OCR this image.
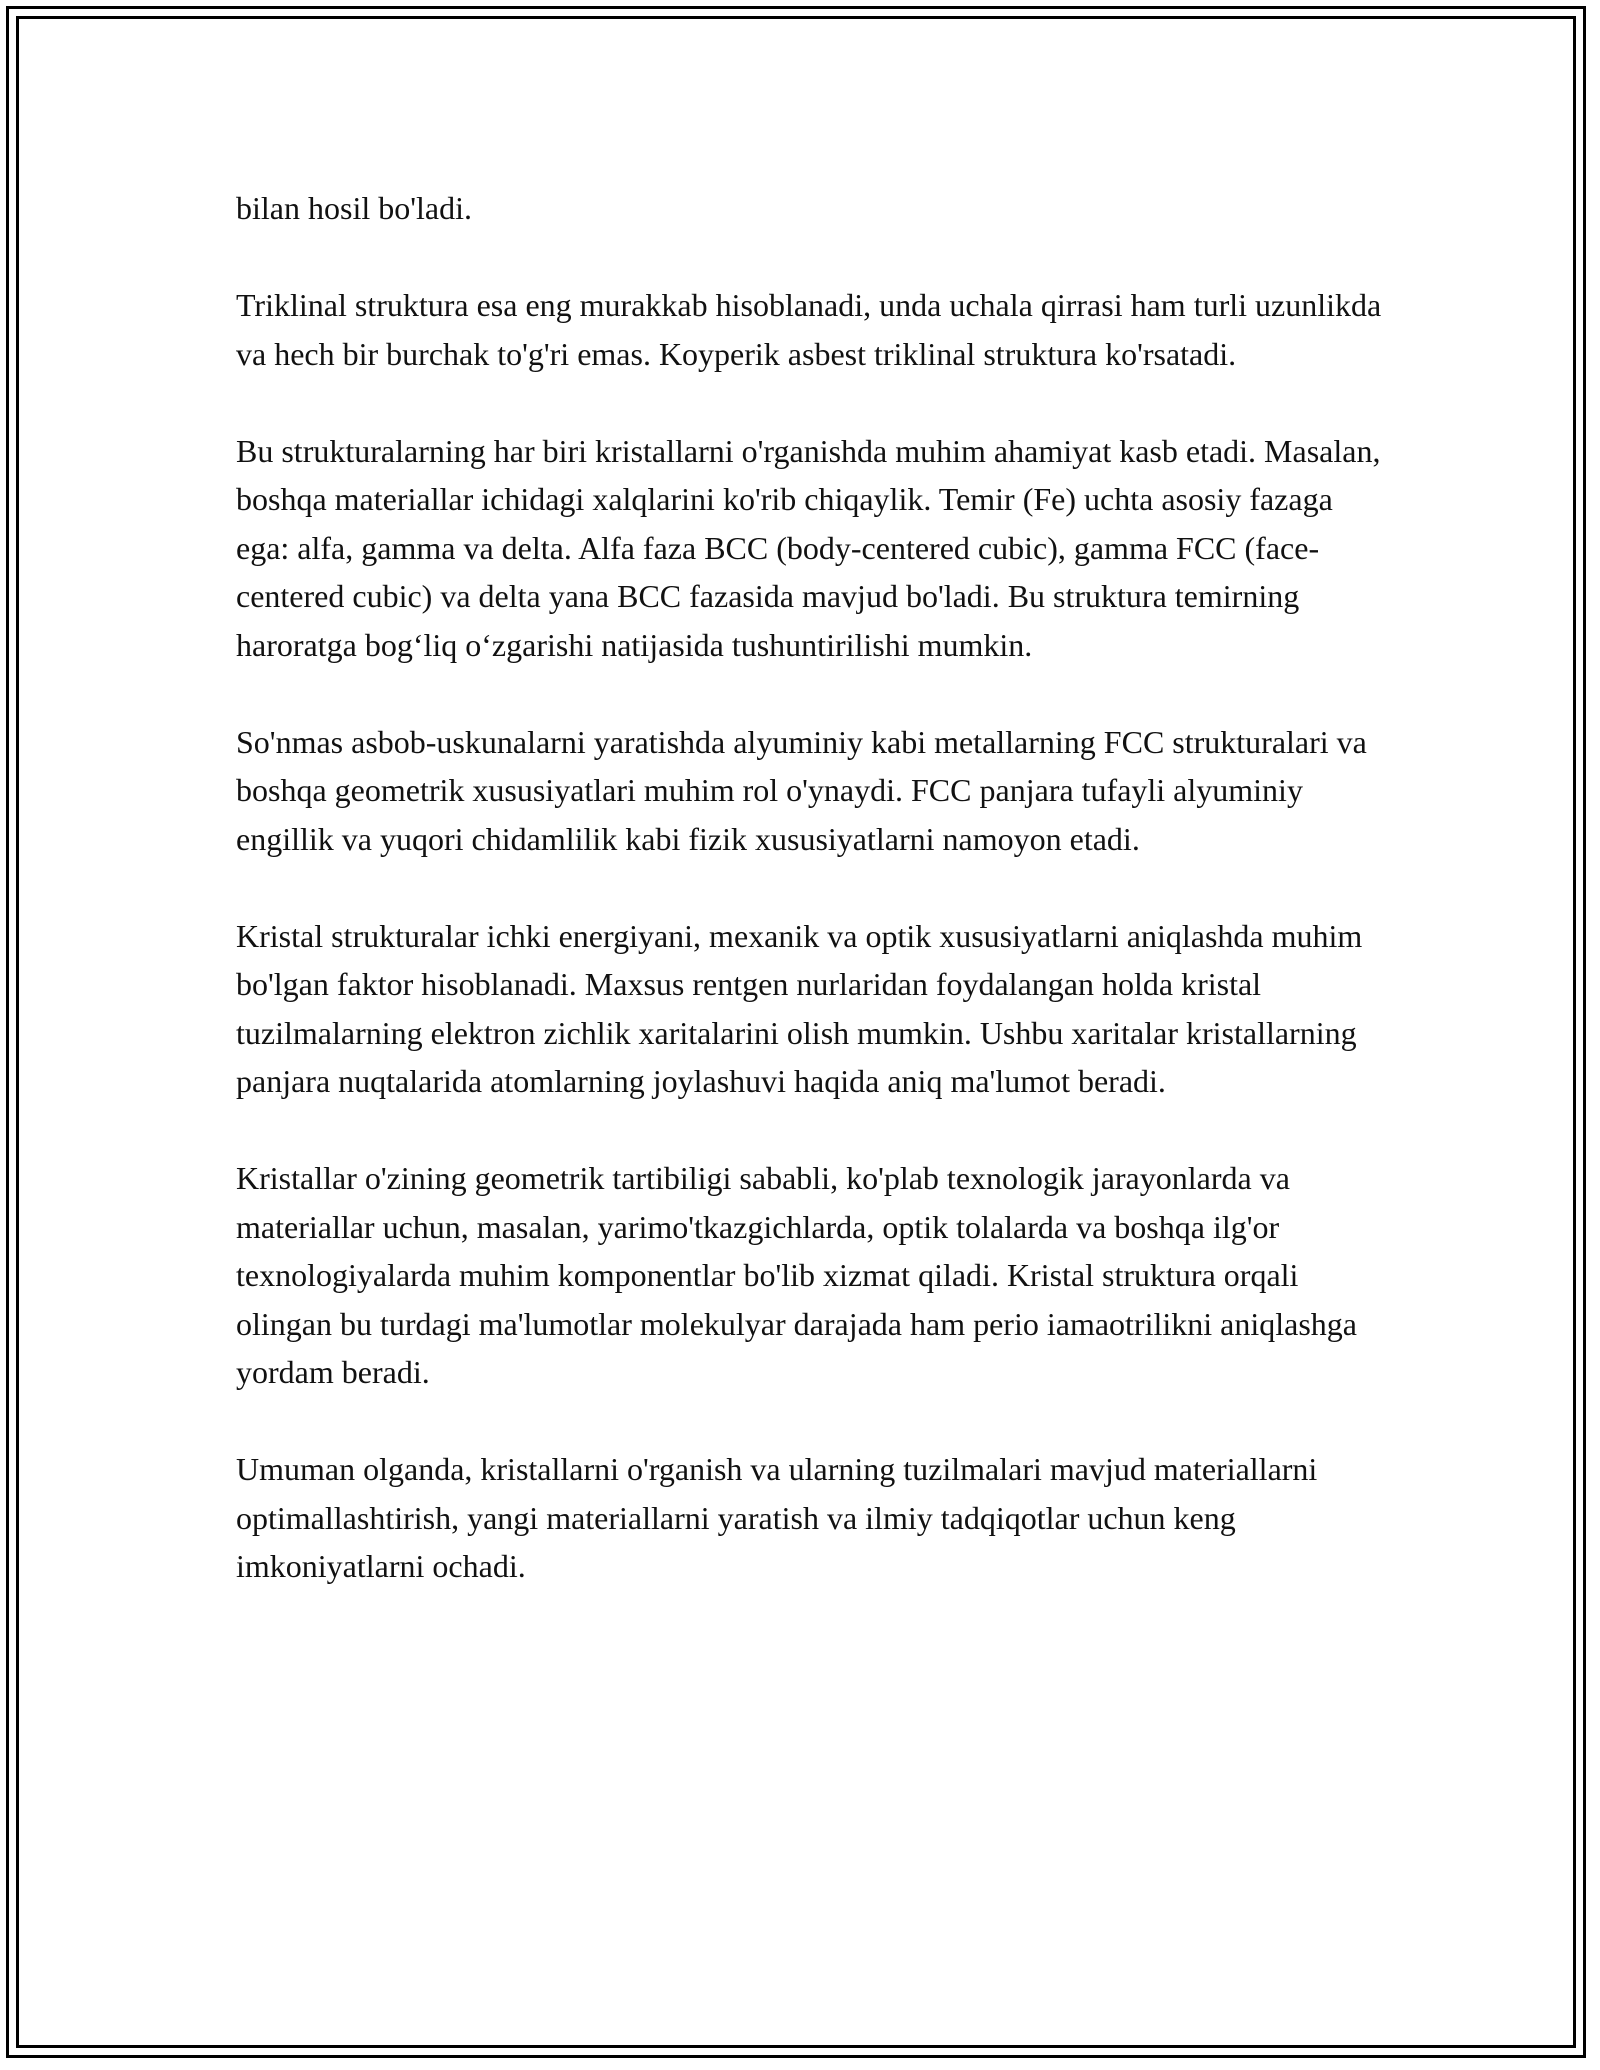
bilan hosil bo'ladi.

Triklinal struktura esa eng murakkab hisoblanadi, unda uchala qirrasi ham turli uzunlikda va hech bir burchak to'g'ri emas. Koyperik asbest triklinal struktura ko'rsatadi.

Bu strukturalarning har biri kristallarni o'rganishda muhim ahamiyat kasb etadi. Masalan, boshqa materiallar ichidagi xalqlarini ko'rib chiqaylik. Temir (Fe) uchta asosiy fazaga ega: alfa, gamma va delta. Alfa faza BCC (body-centered cubic), gamma FCC (face-centered cubic) va delta yana BCC fazasida mavjud bo'ladi. Bu struktura temirning haroratga bog‘liq o‘zgarishi natijasida tushuntirilishi mumkin.

So'nmas asbob-uskunalarni yaratishda alyuminiy kabi metallarning FCC strukturalari va boshqa geometrik xususiyatlari muhim rol o'ynaydi. FCC panjara tufayli alyuminiy engillik va yuqori chidamlilik kabi fizik xususiyatlarni namoyon etadi.

Kristal strukturalar ichki energiyani, mexanik va optik xususiyatlarni aniqlashda muhim bo'lgan faktor hisoblanadi. Maxsus rentgen nurlaridan foydalangan holda kristal tuzilmalarning elektron zichlik xaritalarini olish mumkin. Ushbu xaritalar kristallarning panjara nuqtalarida atomlarning joylashuvi haqida aniq ma'lumot beradi.

Kristallar o'zining geometrik tartibiligi sababli, ko'plab texnologik jarayonlarda va materiallar uchun, masalan, yarimo'tkazgichlarda, optik tolalarda va boshqa ilg'or texnologiyalarda muhim komponentlar bo'lib xizmat qiladi. Kristal struktura orqali olingan bu turdagi ma'lumotlar molekulyar darajada ham perio iamaotrilikni aniqlashga yordam beradi.

Umuman olganda, kristallarni o'rganish va ularning tuzilmalari mavjud materiallarni optimallashtirish, yangi materiallarni yaratish va ilmiy tadqiqotlar uchun keng imkoniyatlarni ochadi.
